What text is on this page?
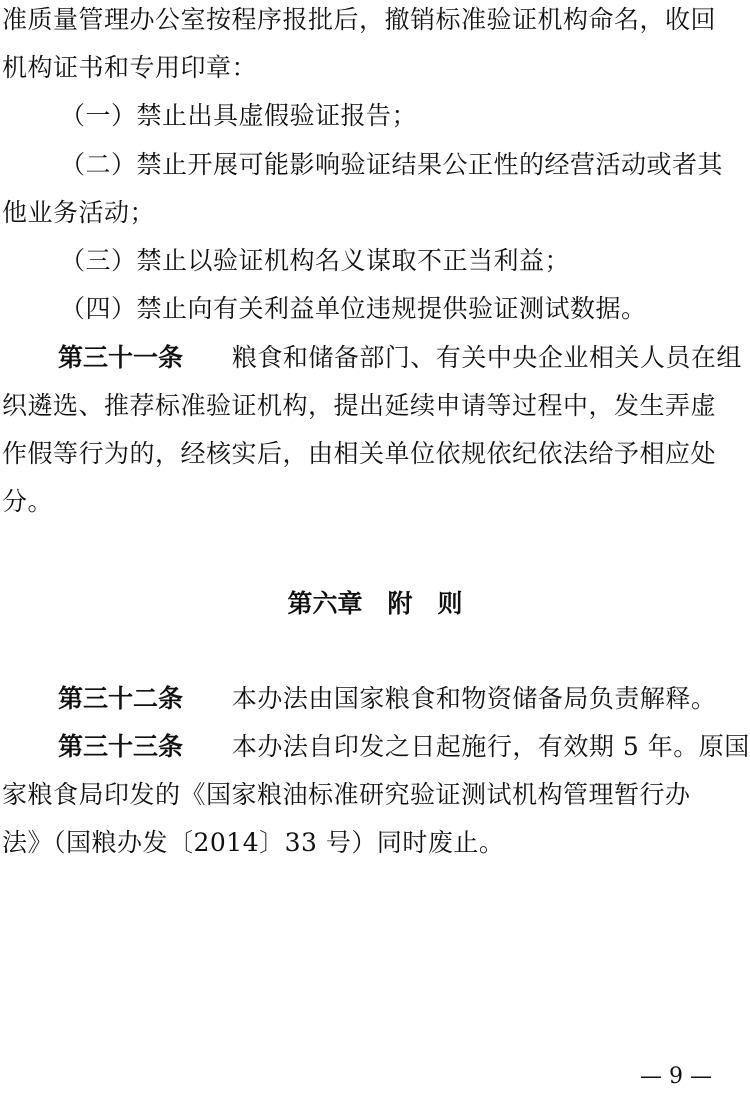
准质量管理办公室按程序报批后，撤销标准验证机构命名，收回
机构证书和专用印章：
（一）禁止出具虚假验证报告；
（二）禁止开展可能影响验证结果公正性的经营活动或者其
他业务活动；
（三）禁止以验证机构名义谋取不正当利益；
（四）禁止向有关利益单位违规提供验证测试数据。
第三十一条 粮食和储备部门、有关中央企业相关人员在组
织遴选、推荐标准验证机构，提出延续申请等过程中，发生弄虚
作假等行为的，经核实后，由相关单位依规依纪依法给予相应处
分。
第六章　附　则
第三十二条 本办法由国家粮食和物资储备局负责解释。
第三十三条 本办法自印发之日起施行，有效期 5 年。原国
家粮食局印发的《国家粮油标准研究验证测试机构管理暂行办
法》（国粮办发〔2014〕33 号）同时废止。
— 9 —
